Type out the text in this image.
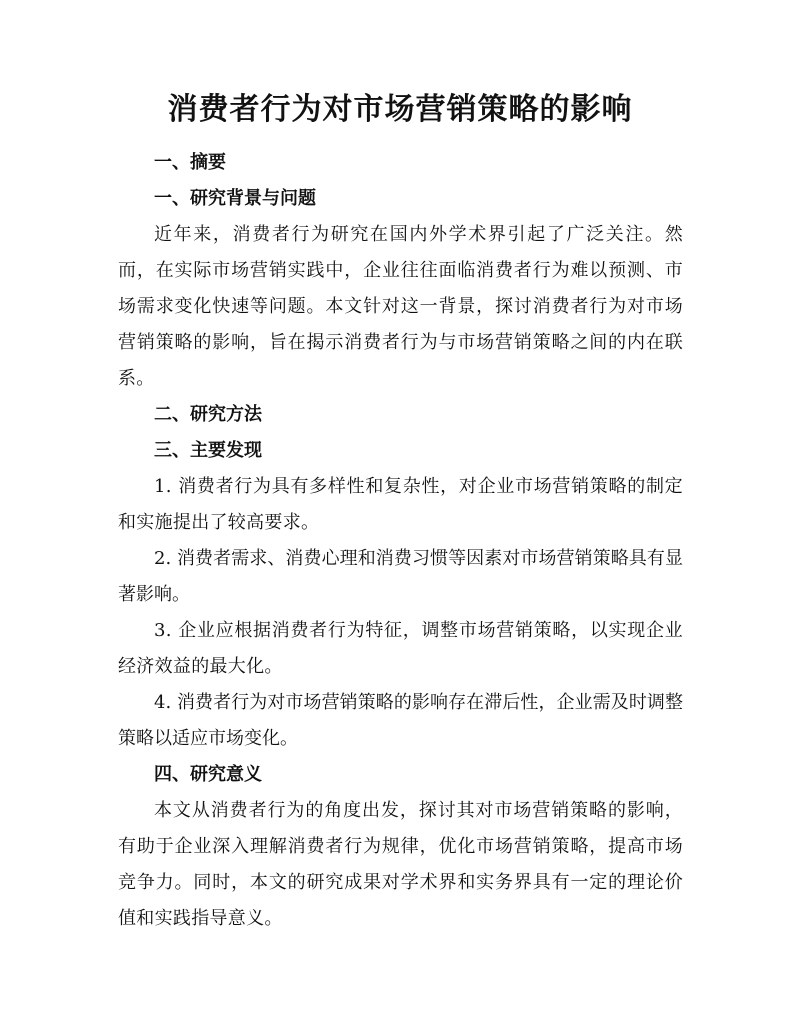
消费者行为对市场营销策略的影响
一、摘要
一、研究背景与问题

近年来，消费者行为研究在国内外学术界引起了广泛关注。然而，在实际市场营销实践中，企业往往面临消费者行为难以预测、市场需求变化快速等问题。本文针对这一背景，探讨消费者行为对市场营销策略的影响，旨在揭示消费者行为与市场营销策略之间的内在联系。

二、研究方法
三、主要发现

1. 消费者行为具有多样性和复杂性，对企业市场营销策略的制定和实施提出了较高要求。

2. 消费者需求、消费心理和消费习惯等因素对市场营销策略具有显著影响。

3. 企业应根据消费者行为特征，调整市场营销策略，以实现企业经济效益的最大化。

4. 消费者行为对市场营销策略的影响存在滞后性，企业需及时调整策略以适应市场变化。

四、研究意义

本文从消费者行为的角度出发，探讨其对市场营销策略的影响，有助于企业深入理解消费者行为规律，优化市场营销策略，提高市场竞争力。同时，本文的研究成果对学术界和实务界具有一定的理论价值和实践指导意义。
